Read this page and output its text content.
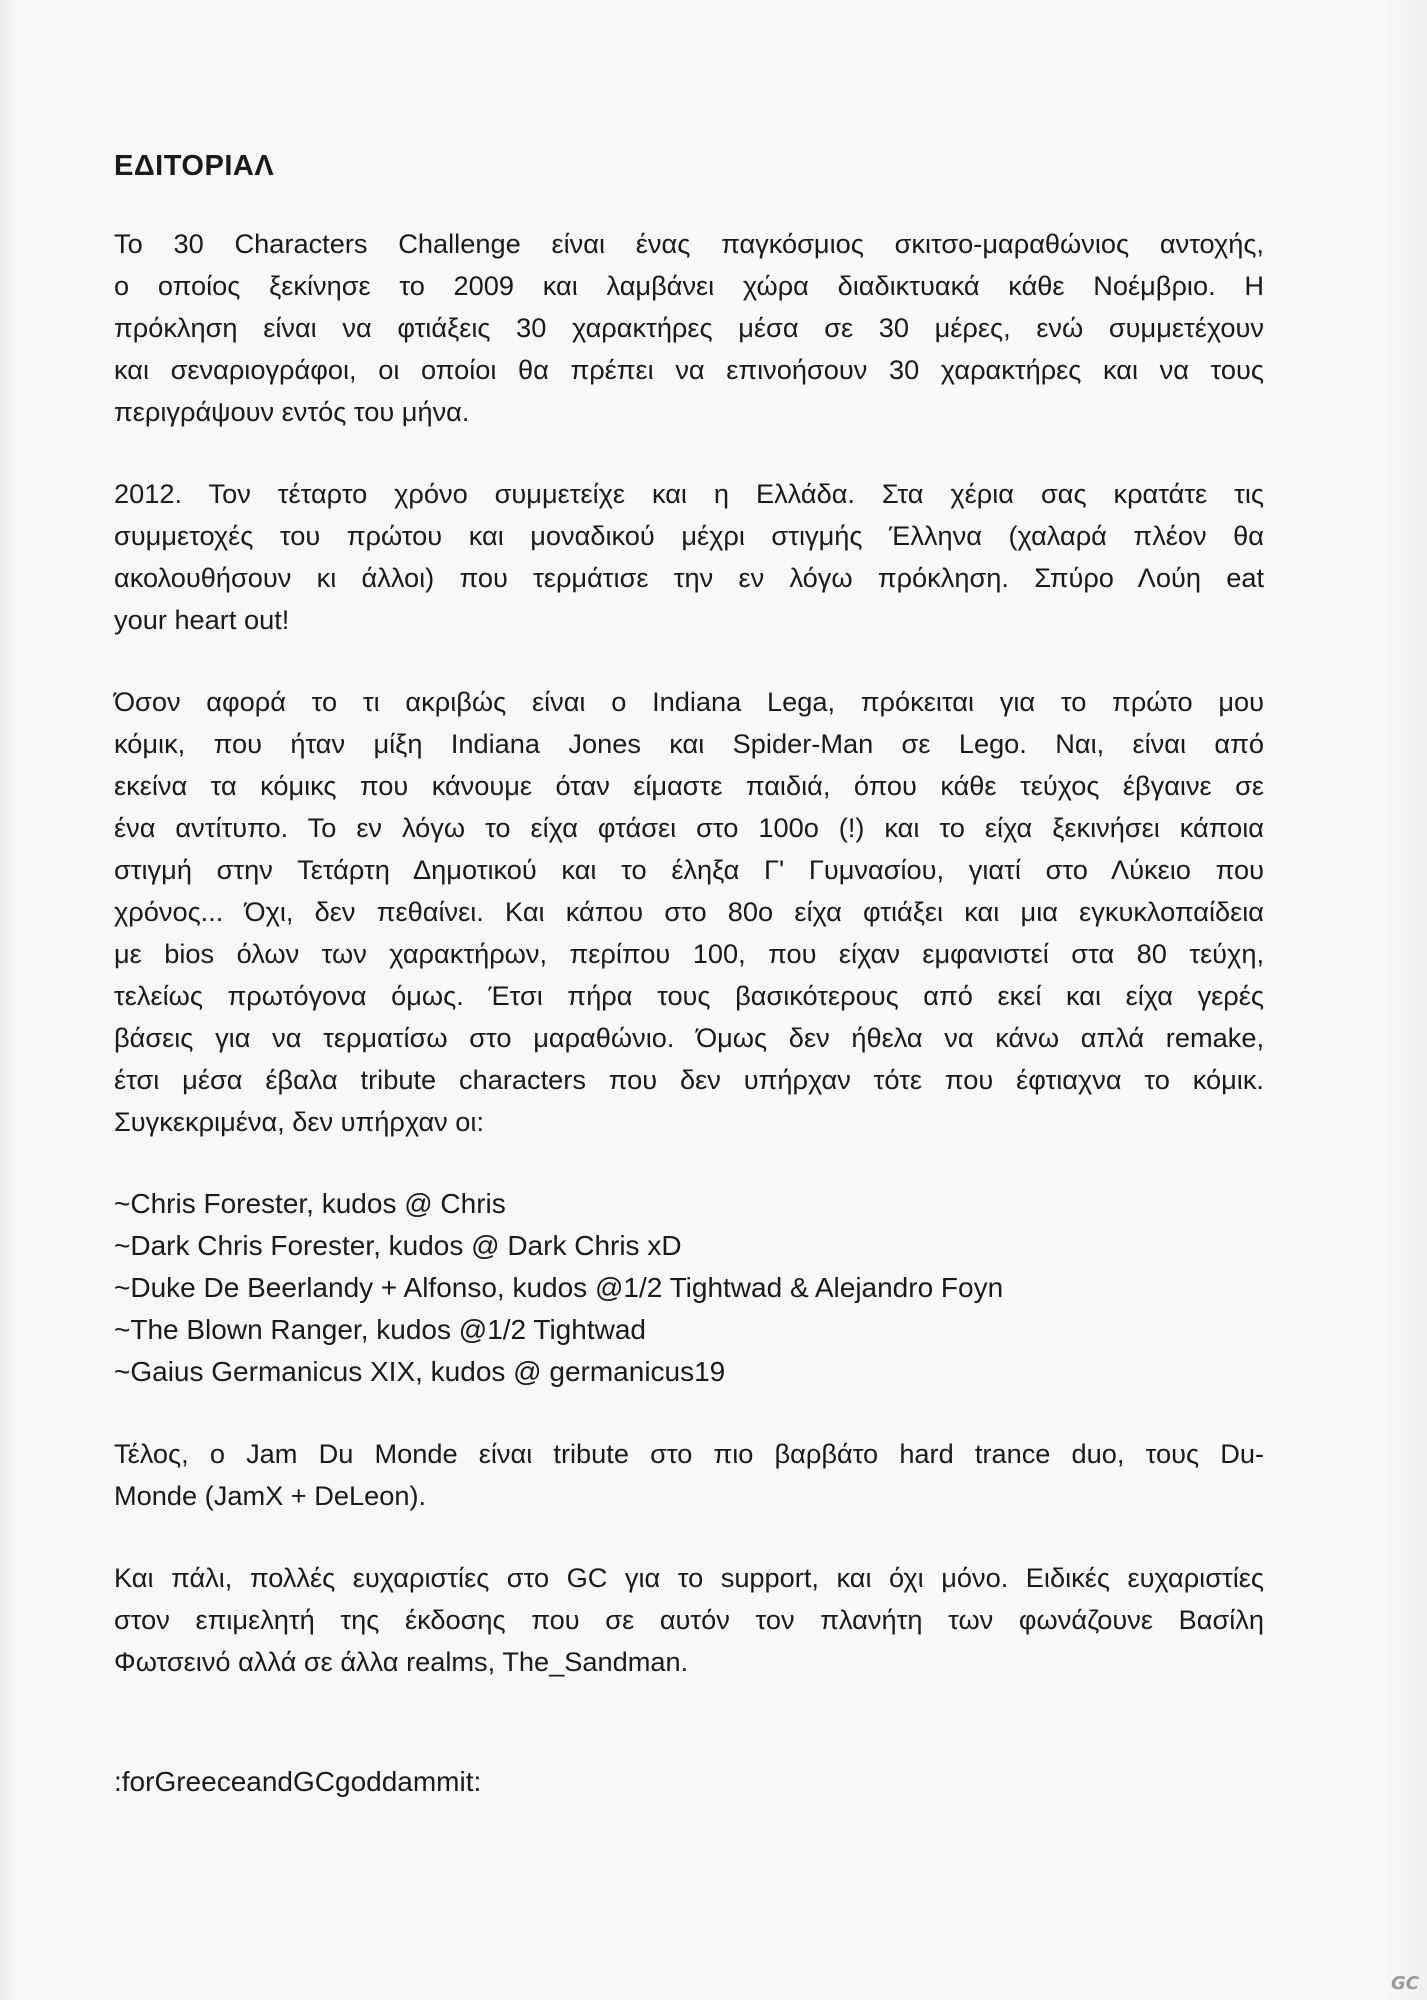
ΕΔΙΤΟΡΙΑΛ
Το 30 Characters Challenge είναι ένας παγκόσμιος σκιτσο-μαραθώνιος αντοχής,
ο οποίος ξεκίνησε το 2009 και λαμβάνει χώρα διαδικτυακά κάθε Νοέμβριο. Η
πρόκληση είναι να φτιάξεις 30 χαρακτήρες μέσα σε 30 μέρες, ενώ συμμετέχουν
και σεναριογράφοι, οι οποίοι θα πρέπει να επινοήσουν 30 χαρακτήρες και να τους
περιγράψουν εντός του μήνα.
2012. Τον τέταρτο χρόνο συμμετείχε και η Ελλάδα. Στα χέρια σας κρατάτε τις
συμμετοχές του πρώτου και μοναδικού μέχρι στιγμής Έλληνα (χαλαρά πλέον θα
ακολουθήσουν κι άλλοι) που τερμάτισε την εν λόγω πρόκληση. Σπύρο Λούη eat
your heart out!
Όσον αφορά το τι ακριβώς είναι ο Indiana Lega, πρόκειται για το πρώτο μου
κόμικ, που ήταν μίξη Indiana Jones και Spider-Man σε Lego. Ναι, είναι από
εκείνα τα κόμικς που κάνουμε όταν είμαστε παιδιά, όπου κάθε τεύχος έβγαινε σε
ένα αντίτυπο. Το εν λόγω το είχα φτάσει στο 100ο (!) και το είχα ξεκινήσει κάποια
στιγμή στην Τετάρτη Δημοτικού και το έληξα Γ' Γυμνασίου, γιατί στο Λύκειο που
χρόνος... Όχι, δεν πεθαίνει. Και κάπου στο 80ο είχα φτιάξει και μια εγκυκλοπαίδεια
με bios όλων των χαρακτήρων, περίπου 100, που είχαν εμφανιστεί στα 80 τεύχη,
τελείως πρωτόγονα όμως. Έτσι πήρα τους βασικότερους από εκεί και είχα γερές
βάσεις για να τερματίσω στο μαραθώνιο. Όμως δεν ήθελα να κάνω απλά remake,
έτσι μέσα έβαλα tribute characters που δεν υπήρχαν τότε που έφτιαχνα το κόμικ.
Συγκεκριμένα, δεν υπήρχαν οι:
~Chris Forester, kudos @ Chris
~Dark Chris Forester, kudos @ Dark Chris xD
~Duke De Beerlandy + Alfonso, kudos @1/2 Tightwad & Alejandro Foyn
~The Blown Ranger, kudos @1/2 Tightwad
~Gaius Germanicus XIX, kudos @ germanicus19
Τέλος, ο Jam Du Monde είναι tribute στο πιο βαρβάτο hard trance duo, τους Du-
Monde (JamX + DeLeon).
Και πάλι, πολλές ευχαριστίες στο GC για το support, και όχι μόνο. Ειδικές ευχαριστίες
στον επιμελητή της έκδοσης που σε αυτόν τον πλανήτη των φωνάζουνε Βασίλη
Φωτσεινό αλλά σε άλλα realms, The_Sandman.
:forGreeceandGCgoddammit:
GC
